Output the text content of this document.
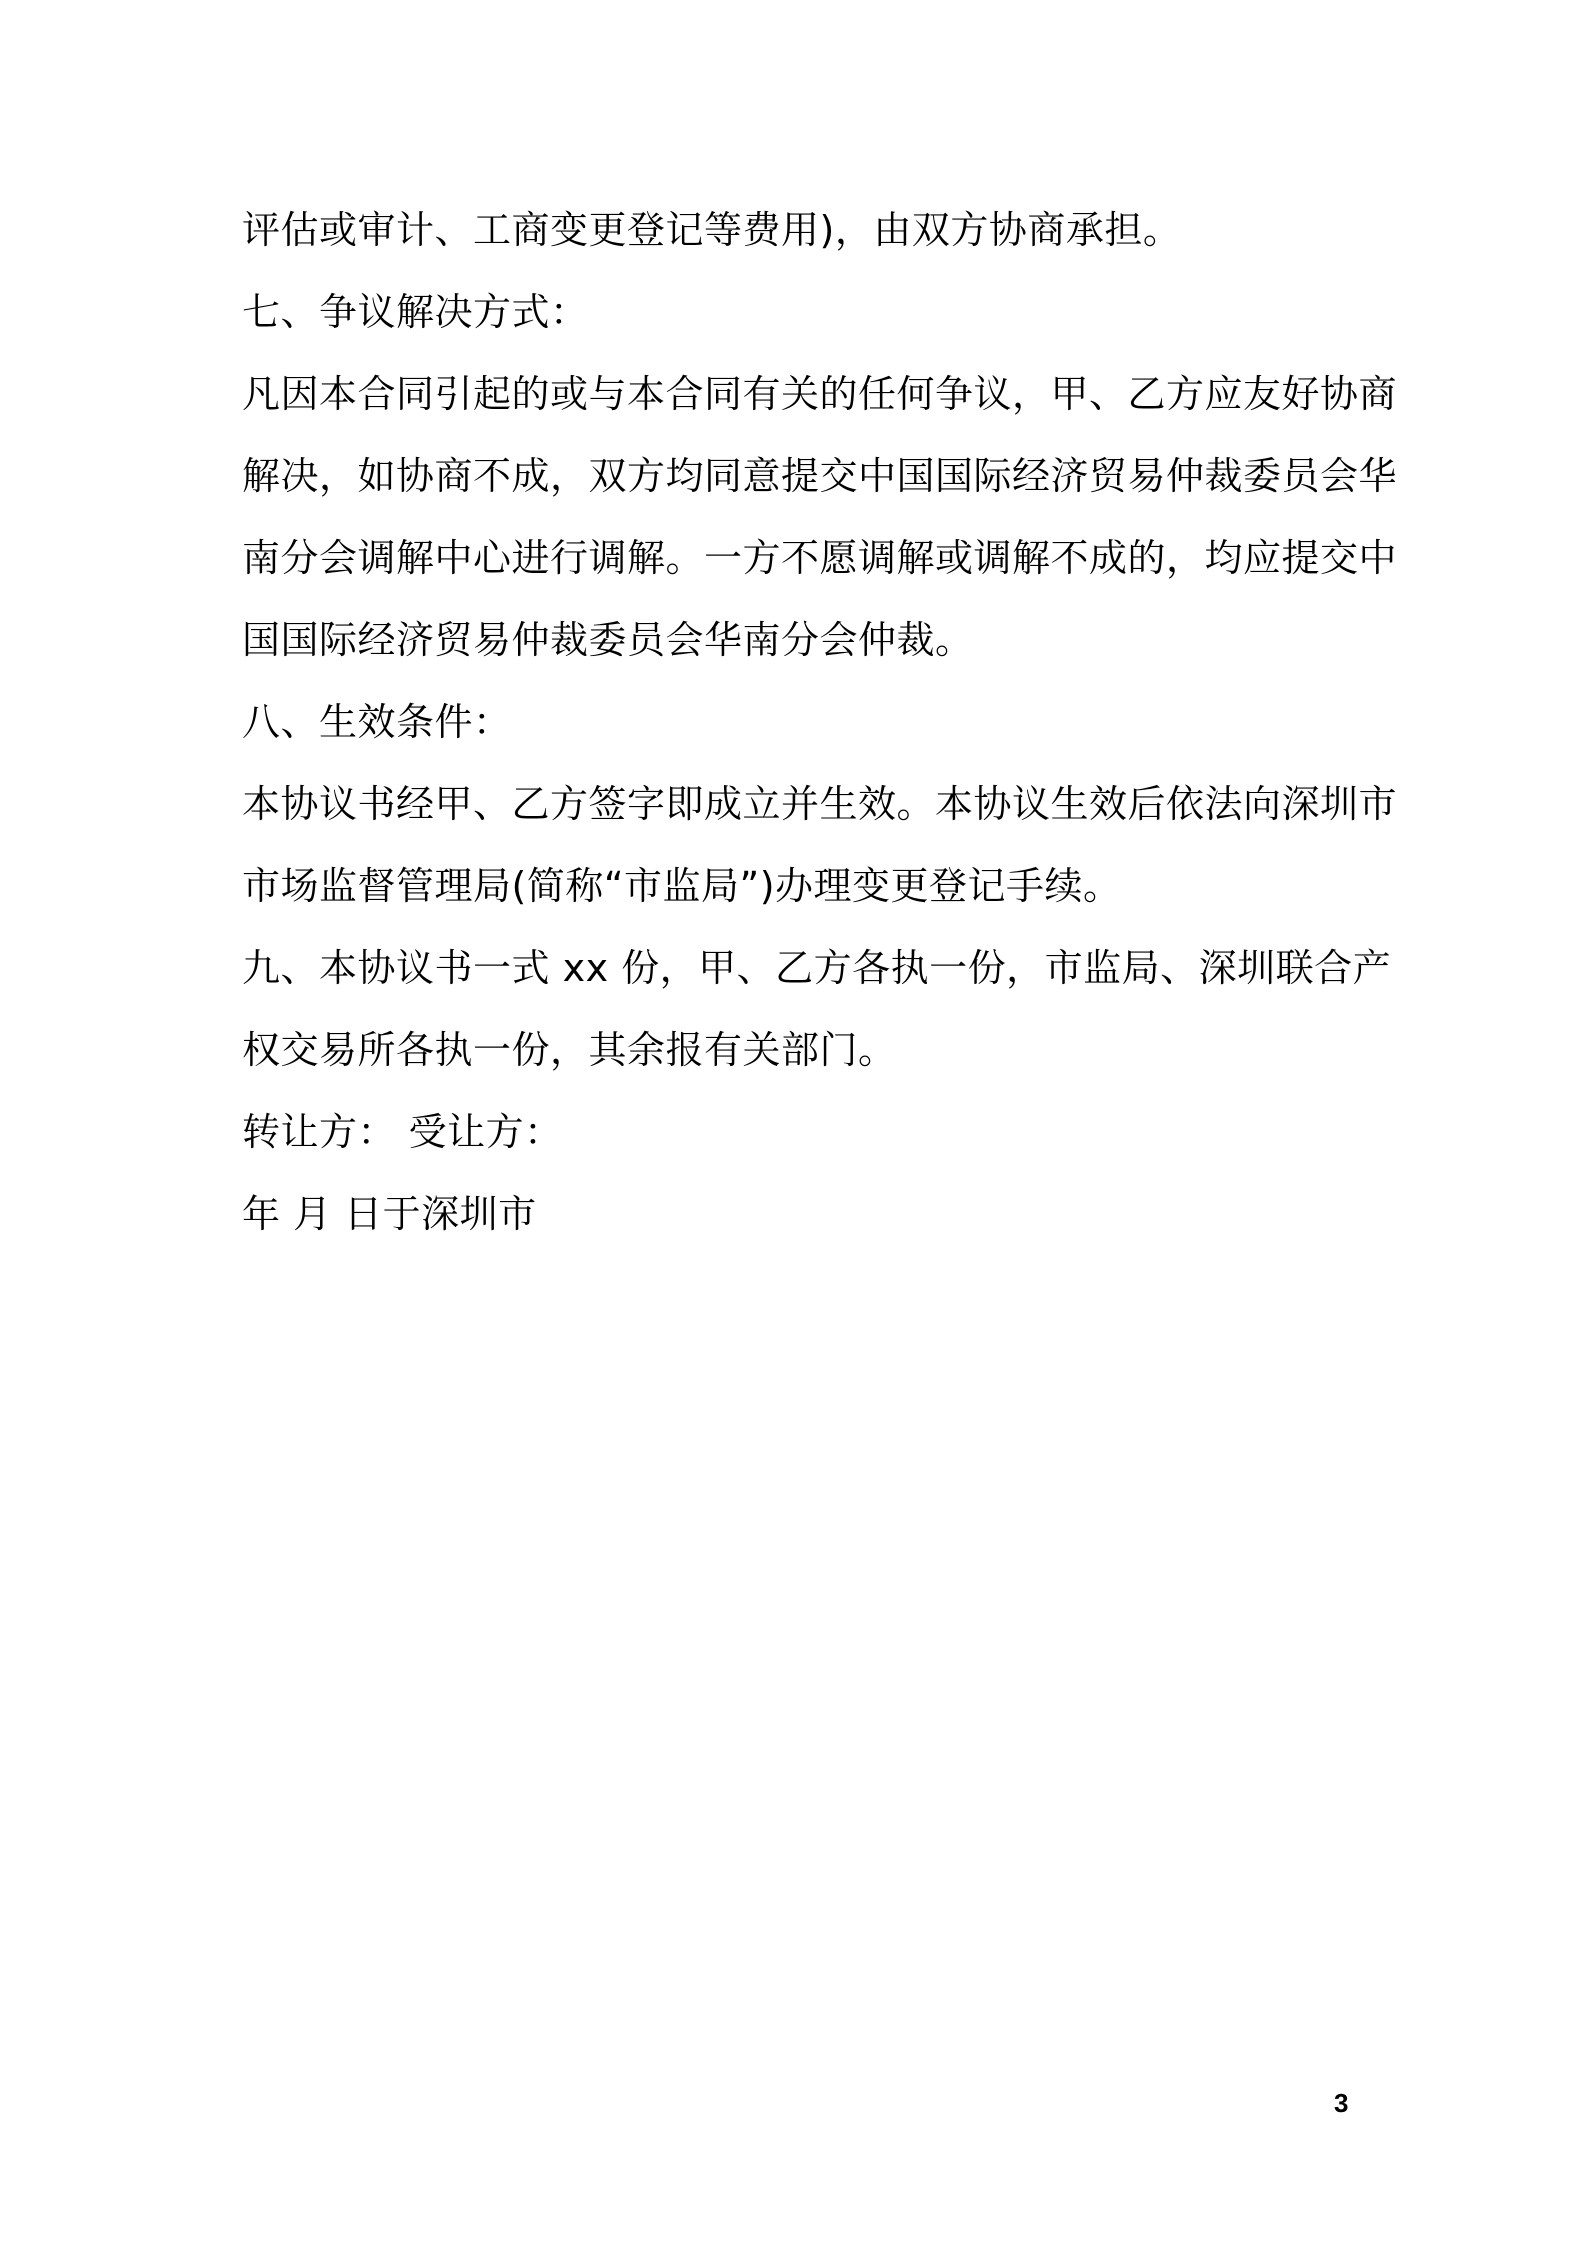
评估或审计、工商变更登记等费用)，由双方协商承担。
七、争议解决方式：
凡因本合同引起的或与本合同有关的任何争议，甲、乙方应友好协商
解决，如协商不成，双方均同意提交中国国际经济贸易仲裁委员会华
南分会调解中心进行调解。一方不愿调解或调解不成的，均应提交中
国国际经济贸易仲裁委员会华南分会仲裁。
八、生效条件：
本协议书经甲、乙方签字即成立并生效。本协议生效后依法向深圳市
市场监督管理局(简称“市监局”)办理变更登记手续。
九、本协议书一式 xx 份，甲、乙方各执一份，市监局、深圳联合产
权交易所各执一份，其余报有关部门。
转让方： 受让方：
年 月 日于深圳市
3
